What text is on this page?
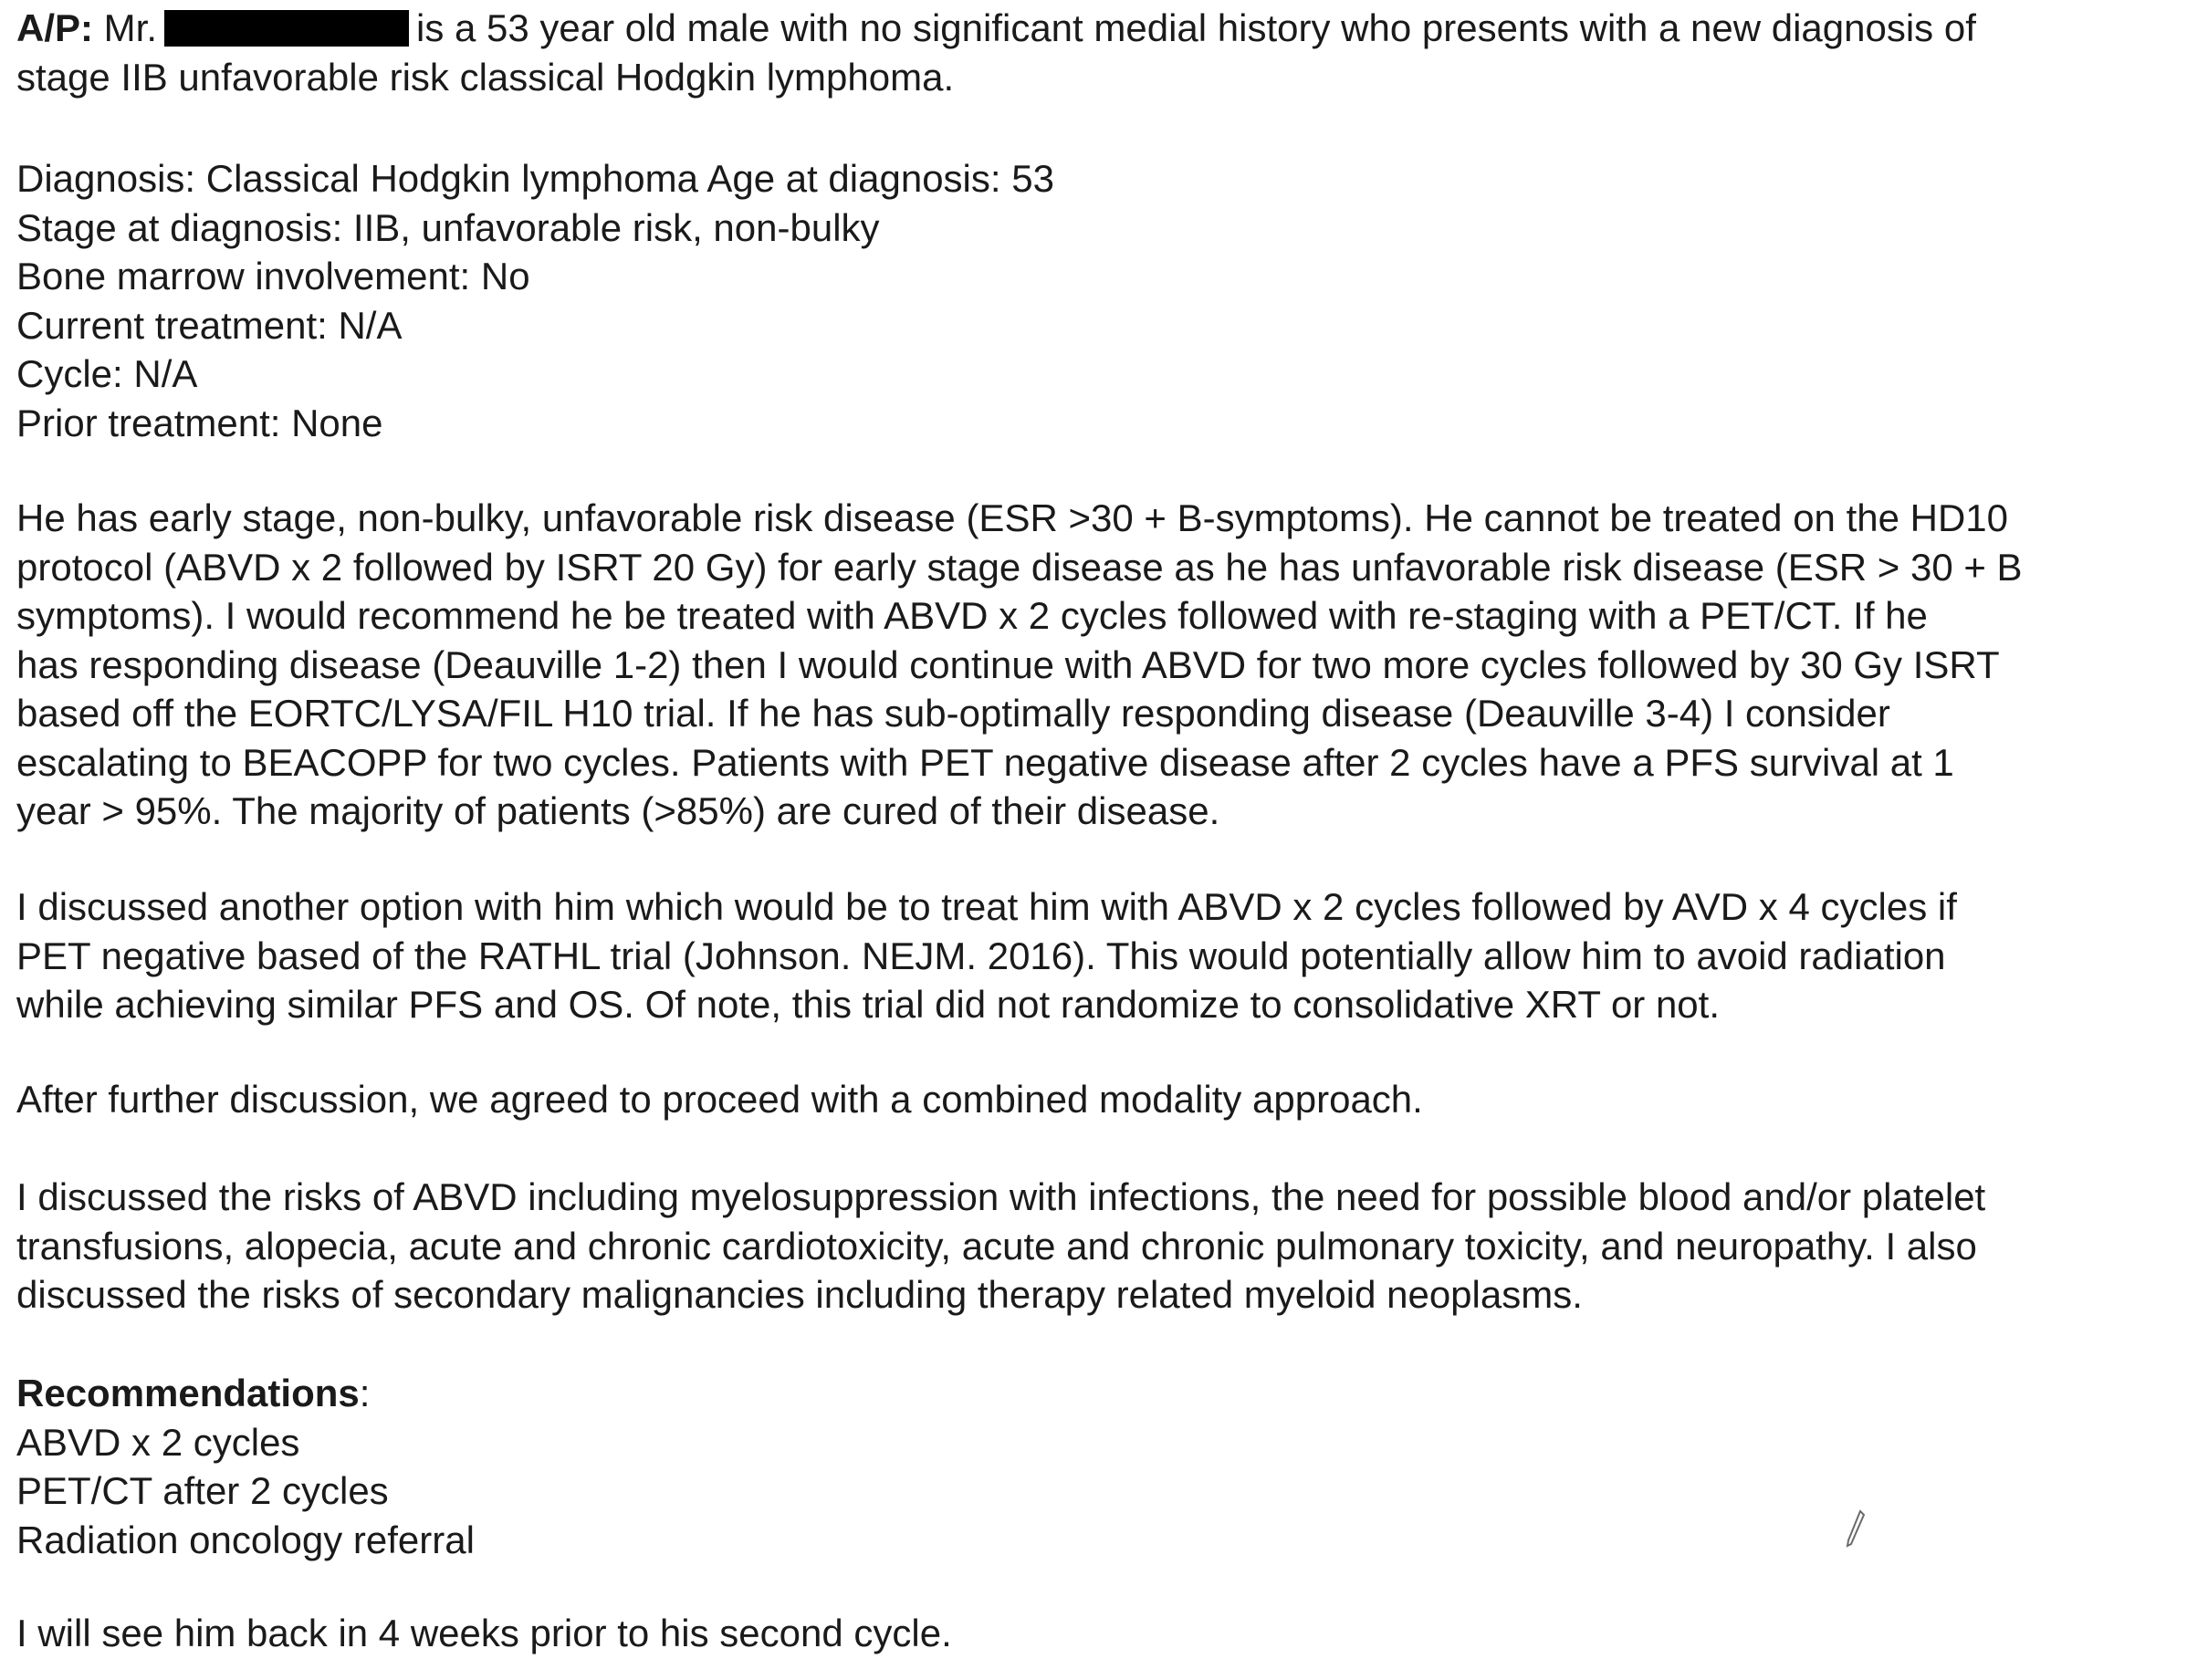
A/P: Mr.	is a 53 year old male with no significant medial history who presents with a new diagnosis of
stage IIB unfavorable risk classical Hodgkin lymphoma.
Diagnosis: Classical Hodgkin lymphoma Age at diagnosis: 53
Stage at diagnosis: IIB, unfavorable risk, non-bulky
Bone marrow involvement: No
Current treatment: N/A
Cycle: N/A
Prior treatment: None
He has early stage, non-bulky, unfavorable risk disease (ESR >30 + B-symptoms). He cannot be treated on the HD10
protocol (ABVD x 2 followed by ISRT 20 Gy) for early stage disease as he has unfavorable risk disease (ESR > 30 + B
symptoms). I would recommend he be treated with ABVD x 2 cycles followed with re-staging with a PET/CT. If he
has responding disease (Deauville 1-2) then I would continue with ABVD for two more cycles followed by 30 Gy ISRT
based off the EORTC/LYSA/FIL H10 trial. If he has sub-optimally responding disease (Deauville 3-4) I consider
escalating to BEACOPP for two cycles. Patients with PET negative disease after 2 cycles have a PFS survival at 1
year > 95%. The majority of patients (>85%) are cured of their disease.
I discussed another option with him which would be to treat him with ABVD x 2 cycles followed by AVD x 4 cycles if
PET negative based of the RATHL trial (Johnson. NEJM. 2016). This would potentially allow him to avoid radiation
while achieving similar PFS and OS. Of note, this trial did not randomize to consolidative XRT or not.
After further discussion, we agreed to proceed with a combined modality approach.
I discussed the risks of ABVD including myelosuppression with infections, the need for possible blood and/or platelet
transfusions, alopecia, acute and chronic cardiotoxicity, acute and chronic pulmonary toxicity, and neuropathy. I also
discussed the risks of secondary malignancies including therapy related myeloid neoplasms.
Recommendations:
ABVD x 2 cycles
PET/CT after 2 cycles
Radiation oncology referral
I will see him back in 4 weeks prior to his second cycle.
